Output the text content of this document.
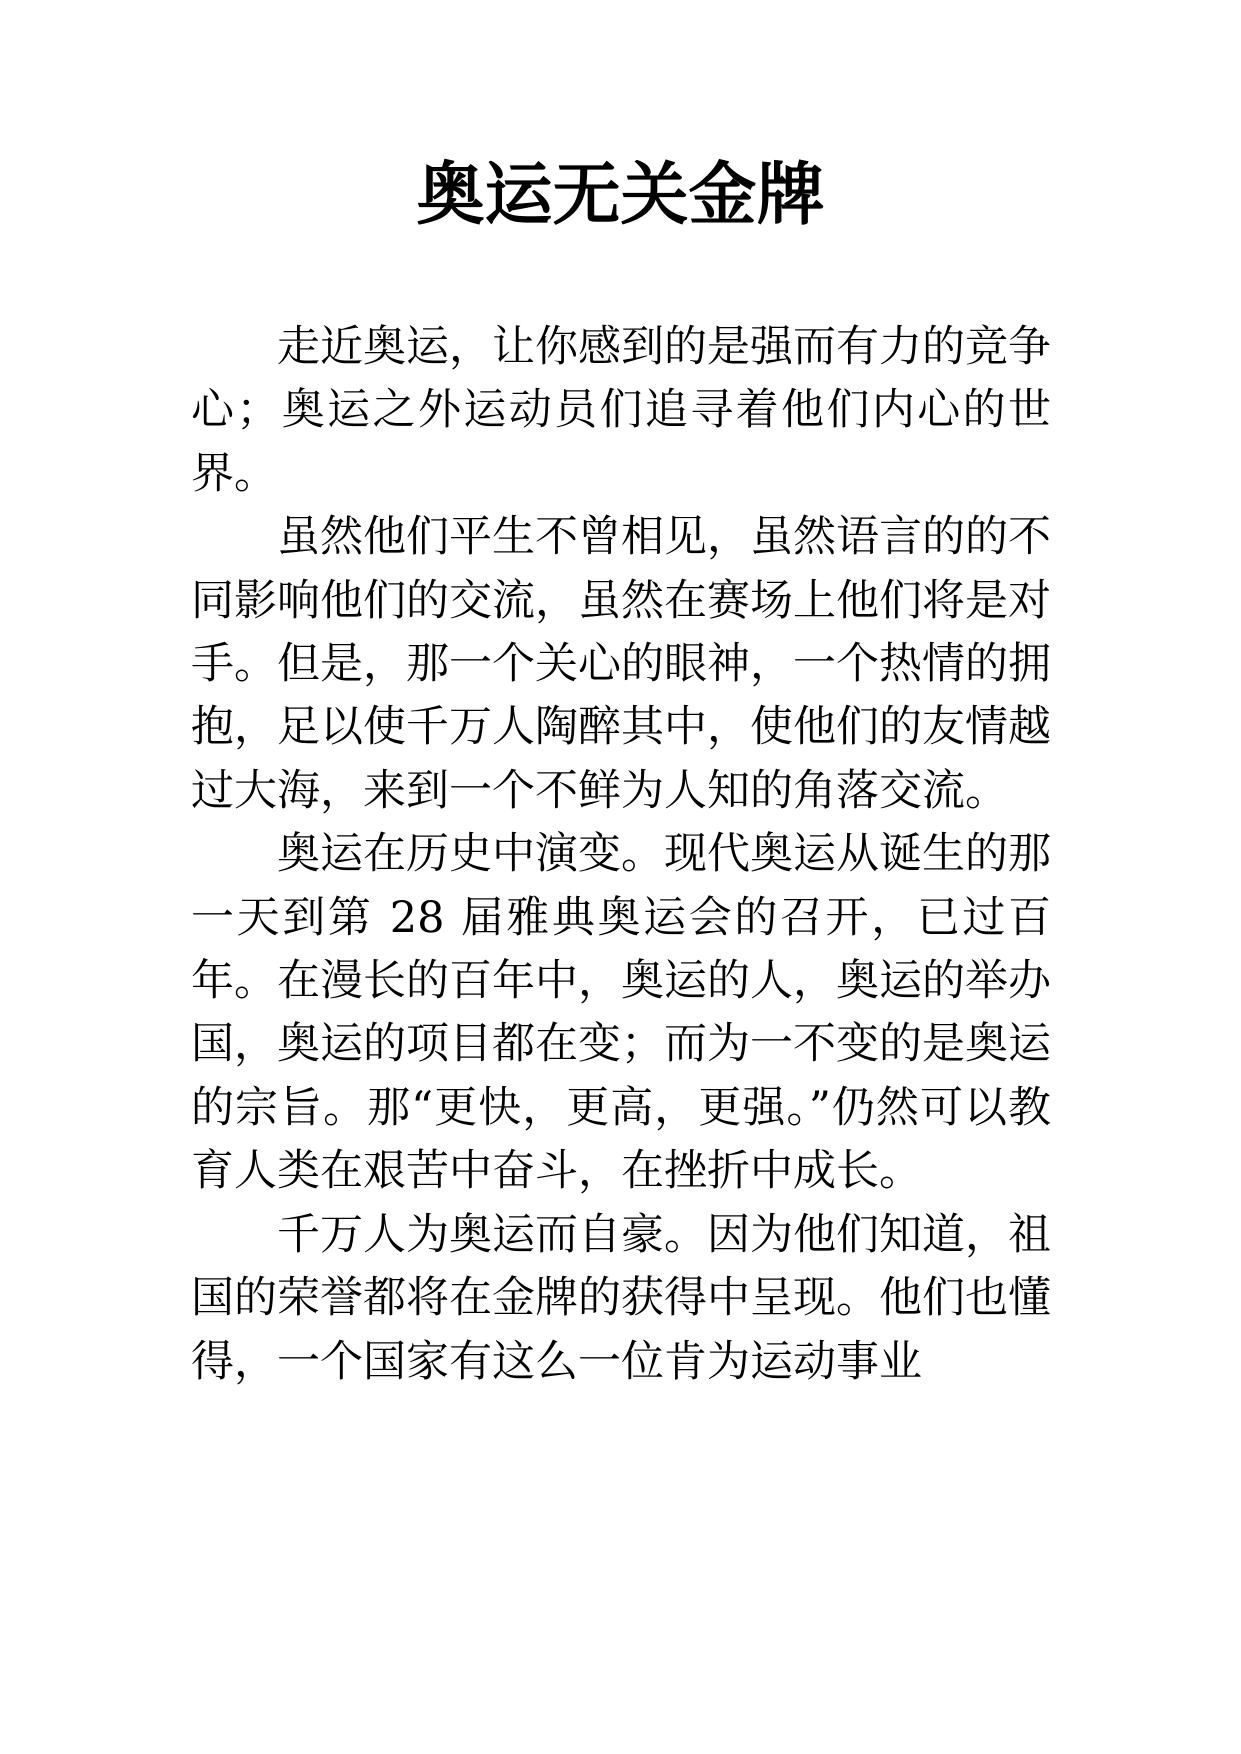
奥运无关金牌

走近奥运，让你感到的是强而有力的竞争心；奥运之外运动员们追寻着他们内心的世界。

虽然他们平生不曾相见，虽然语言的的不同影响他们的交流，虽然在赛场上他们将是对手。但是，那一个关心的眼神，一个热情的拥抱，足以使千万人陶醉其中，使他们的友情越过大海，来到一个不鲜为人知的角落交流。

奥运在历史中演变。现代奥运从诞生的那一天到第 28 届雅典奥运会的召开，已过百年。在漫长的百年中，奥运的人，奥运的举办国，奥运的项目都在变；而为一不变的是奥运的宗旨。那“更快，更高，更强。”仍然可以教育人类在艰苦中奋斗，在挫折中成长。

千万人为奥运而自豪。因为他们知道，祖国的荣誉都将在金牌的获得中呈现。他们也懂得，一个国家有这么一位肯为运动事业
